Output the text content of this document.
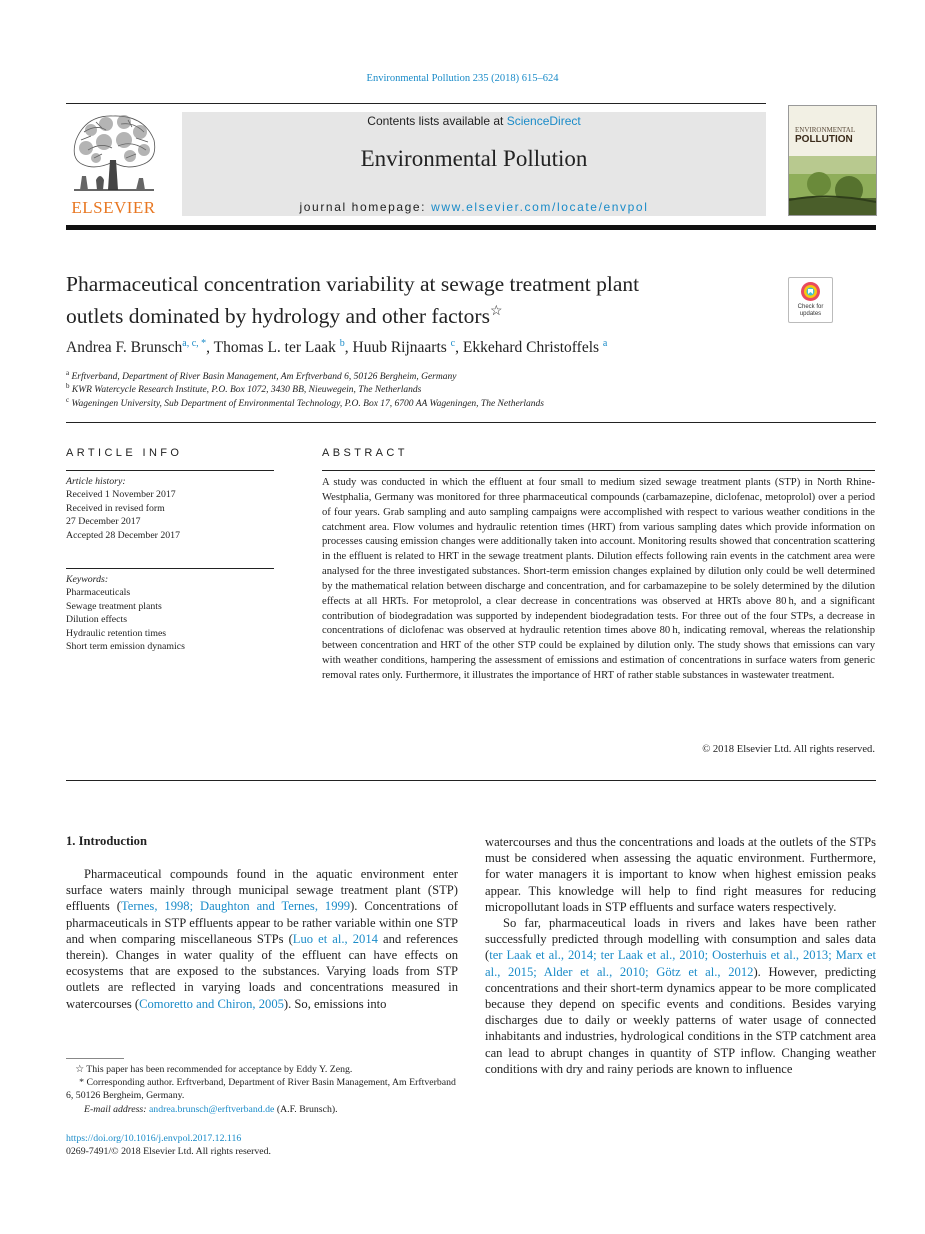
Environmental Pollution 235 (2018) 615–624
ELSEVIER
Contents lists available at ScienceDirect
Environmental Pollution
journal homepage: www.elsevier.com/locate/envpol
ENVIRONMENTAL
POLLUTION
Pharmaceutical concentration variability at sewage treatment plant
outlets dominated by hydrology and other factors☆	Check for
updates
Andrea F. Brunsch$^{a, c, *}$, Thomas L. ter Laak $^b$, Huub Rijnaarts $^c$, Ekkehard Christoffels $^a$
$^a$ Erftverband, Department of River Basin Management, Am Erftverband 6, 50126 Bergheim, Germany
$^b$ KWR Watercycle Research Institute, P.O. Box 1072, 3430 BB, Nieuwegein, The Netherlands
$^c$ Wageningen University, Sub Department of Environmental Technology, P.O. Box 17, 6700 AA Wageningen, The Netherlands
ARTICLE INFO
Article history:
Received 1 November 2017
Received in revised form
27 December 2017
Accepted 28 December 2017
Keywords:
Pharmaceuticals
Sewage treatment plants
Dilution effects
Hydraulic retention times
Short term emission dynamics
ABSTRACT
A study was conducted in which the effluent at four small to medium sized sewage treatment plants (STP) in North Rhine-Westphalia, Germany was monitored for three pharmaceutical compounds (carbamazepine, diclofenac, metoprolol) over a period of four years. Grab sampling and auto sampling campaigns were accomplished with respect to various weather conditions in the catchment area. Flow volumes and hydraulic retention times (HRT) from various sampling dates which provide information on processes causing emission changes were additionally taken into account. Monitoring results showed that concentration scattering in the effluent is related to HRT in the sewage treatment plants. Dilution effects following rain events in the catchment area were analysed for the three investigated substances. Short-term emission changes explained by dilution only could be well determined by the mathematical relation between discharge and concentration, and for carbamazepine to be solely determined by the dilution effects at all HRTs. For metoprolol, a clear decrease in concentrations was observed at HRTs above 80 h, and a significant contribution of biodegradation was supported by independent biodegradation tests. For three out of the four STPs, a decrease in concentrations of diclofenac was observed at hydraulic retention times above 80 h, indicating removal, whereas the relationship between concentration and HRT of the other STP could be explained by dilution only. The study shows that emissions can vary with weather conditions, hampering the assessment of emissions and estimation of concentrations in surface waters from generic removal rates only. Furthermore, it illustrates the importance of HRT of rather stable substances in wastewater treatment.
© 2018 Elsevier Ltd. All rights reserved.
1. Introduction

Pharmaceutical compounds found in the aquatic environment enter surface waters mainly through municipal sewage treatment plant (STP) effluents (Ternes, 1998; Daughton and Ternes, 1999). Concentrations of pharmaceuticals in STP effluents appear to be rather variable within one STP and when comparing miscellaneous STPs (Luo et al., 2014 and references therein). Changes in water quality of the effluent can have effects on ecosystems that are exposed to the substances. Varying loads from STP outlets are reflected in varying loads and concentrations measured in watercourses (Comoretto and Chiron, 2005). So, emissions into

watercourses and thus the concentrations and loads at the outlets of the STPs must be considered when assessing the aquatic environment. Furthermore, for water managers it is important to know when highest emission peaks appear. This knowledge will help to find right measures for reducing micropollutant loads in STP effluents and surface waters respectively.

So far, pharmaceutical loads in rivers and lakes have been rather successfully predicted through modelling with consumption and sales data (ter Laak et al., 2014; ter Laak et al., 2010; Oosterhuis et al., 2013; Marx et al., 2015; Alder et al., 2010; Götz et al., 2012). However, predicting concentrations and their short-term dynamics appear to be more complicated because they depend on specific events and conditions. Besides varying discharges due to daily or weekly patterns of water usage of connected inhabitants and industries, hydrological conditions in the STP catchment area can lead to abrupt changes in quantity of STP inflow. Changing weather conditions with dry and rainy periods are known to influence

☆ This paper has been recommended for acceptance by Eddy Y. Zeng.
* Corresponding author. Erftverband, Department of River Basin Management, Am Erftverband 6, 50126 Bergheim, Germany.
E-mail address: andrea.brunsch@erftverband.de (A.F. Brunsch).
https://doi.org/10.1016/j.envpol.2017.12.116
0269-7491/© 2018 Elsevier Ltd. All rights reserved.
